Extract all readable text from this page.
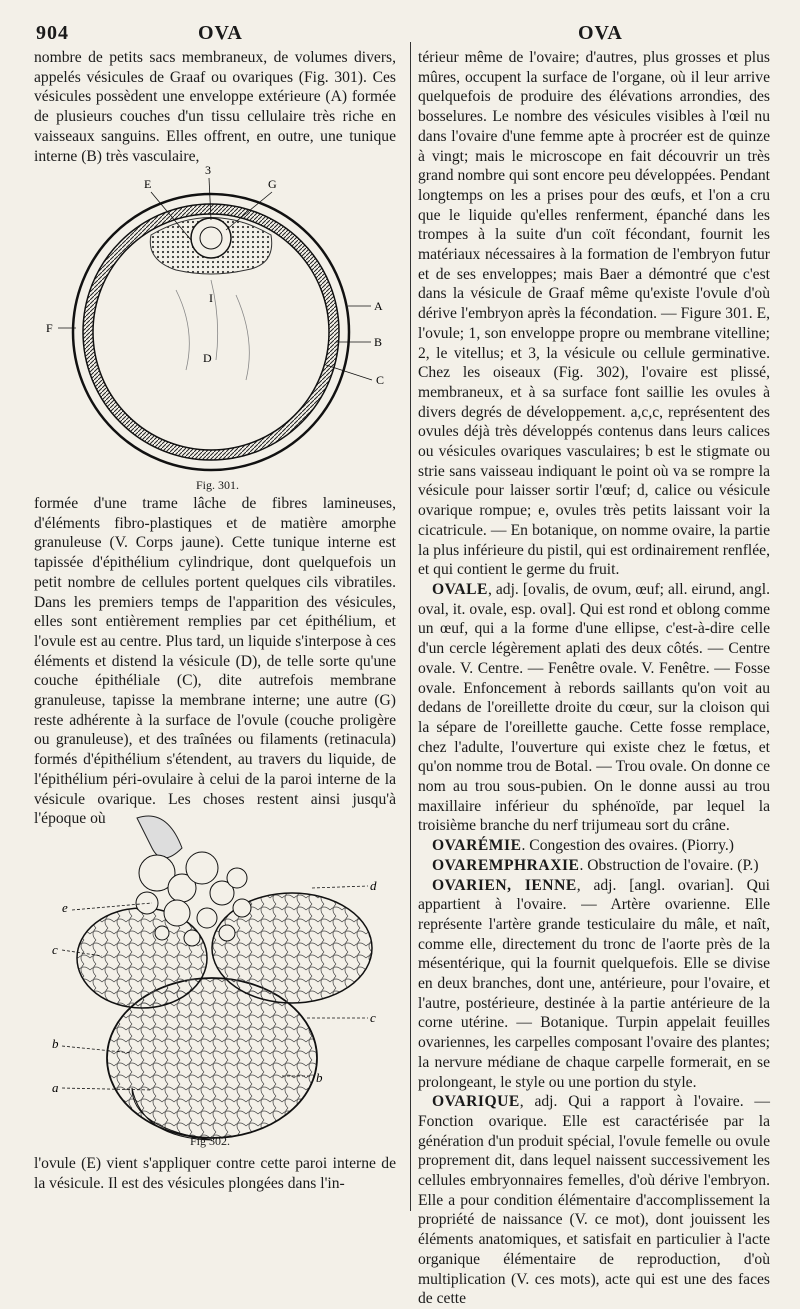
904	OVA	OVA

nombre de petits sacs membraneux, de volumes divers, appelés vésicules de Graaf ou ovariques (Fig. 301). Ces vésicules possèdent une enveloppe extérieure (A) formée de plusieurs couches d'un tissu cellulaire très riche en vaisseaux sanguins. Elles offrent, en outre, une tunique interne (B) très vasculaire,

3
E	G
I
A
F
B
D
C
Fig. 301.

formée d'une trame lâche de fibres lamineuses, d'éléments fibro-plastiques et de matière amorphe granuleuse (V. Corps jaune). Cette tunique interne est tapissée d'épithélium cylindrique, dont quelquefois un petit nombre de cellules portent quelques cils vibratiles. Dans les premiers temps de l'apparition des vésicules, elles sont entièrement remplies par cet épithélium, et l'ovule est au centre. Plus tard, un liquide s'interpose à ces éléments et distend la vésicule (D), de telle sorte qu'une couche épithéliale (C), dite autrefois membrane granuleuse, tapisse la membrane interne; une autre (G) reste adhérente à la surface de l'ovule (couche proligère ou granuleuse), et des traînées ou filaments (retinacula) formés d'épithélium s'étendent, au travers du liquide, de l'épithélium péri-ovulaire à celui de la paroi interne de la vésicule ovarique. Les choses restent ainsi jusqu'à l'époque où

d
e
c
c
b
b
a
Fig 302.

l'ovule (E) vient s'appliquer contre cette paroi interne de la vésicule. Il est des vésicules plongées dans l'in-

térieur même de l'ovaire; d'autres, plus grosses et plus mûres, occupent la surface de l'organe, où il leur arrive quelquefois de produire des élévations arrondies, des bosselures. Le nombre des vésicules visibles à l'œil nu dans l'ovaire d'une femme apte à procréer est de quinze à vingt; mais le microscope en fait découvrir un très grand nombre qui sont encore peu développées. Pendant longtemps on les a prises pour des œufs, et l'on a cru que le liquide qu'elles renferment, épanché dans les trompes à la suite d'un coït fécondant, fournit les matériaux nécessaires à la formation de l'embryon futur et de ses enveloppes; mais Baer a démontré que c'est dans la vésicule de Graaf même qu'existe l'ovule d'où dérive l'embryon après la fécondation. — Figure 301. E, l'ovule; 1, son enveloppe propre ou membrane vitelline; 2, le vitellus; et 3, la vésicule ou cellule germinative. Chez les oiseaux (Fig. 302), l'ovaire est plissé, membraneux, et à sa surface font saillie les ovules à divers degrés de développement. a,c,c, représentent des ovules déjà très développés contenus dans leurs calices ou vésicules ovariques vasculaires; b est le stigmate ou strie sans vaisseau indiquant le point où va se rompre la vésicule pour laisser sortir l'œuf; d, calice ou vésicule ovarique rompue; e, ovules très petits laissant voir la cicatricule. — En botanique, on nomme ovaire, la partie la plus inférieure du pistil, qui est ordinairement renflée, et qui contient le germe du fruit.

OVALE, adj. [ovalis, de ovum, œuf; all. eirund, angl. oval, it. ovale, esp. oval]. Qui est rond et oblong comme un œuf, qui a la forme d'une ellipse, c'est-à-dire celle d'un cercle légèrement aplati des deux côtés. — Centre ovale. V. Centre. — Fenêtre ovale. V. Fenêtre. — Fosse ovale. Enfoncement à rebords saillants qu'on voit au dedans de l'oreillette droite du cœur, sur la cloison qui la sépare de l'oreillette gauche. Cette fosse remplace, chez l'adulte, l'ouverture qui existe chez le fœtus, et qu'on nomme trou de Botal. — Trou ovale. On donne ce nom au trou sous-pubien. On le donne aussi au trou maxillaire inférieur du sphénoïde, par lequel la troisième branche du nerf trijumeau sort du crâne.

OVARÉMIE. Congestion des ovaires. (Piorry.)

OVAREMPHRAXIE. Obstruction de l'ovaire. (P.)

OVARIEN, IENNE, adj. [angl. ovarian]. Qui appartient à l'ovaire. — Artère ovarienne. Elle représente l'artère grande testiculaire du mâle, et naît, comme elle, directement du tronc de l'aorte près de la mésentérique, qui la fournit quelquefois. Elle se divise en deux branches, dont une, antérieure, pour l'ovaire, et l'autre, postérieure, destinée à la partie antérieure de la corne utérine. — Botanique. Turpin appelait feuilles ovariennes, les carpelles composant l'ovaire des plantes; la nervure médiane de chaque carpelle formerait, en se prolongeant, le style ou une portion du style.

OVARIQUE, adj. Qui a rapport à l'ovaire. — Fonction ovarique. Elle est caractérisée par la génération d'un produit spécial, l'ovule femelle ou ovule proprement dit, dans lequel naissent successivement les cellules embryonnaires femelles, d'où dérive l'embryon. Elle a pour condition élémentaire d'accomplissement la propriété de naissance (V. ce mot), dont jouissent les éléments anatomiques, et satisfait en particulier à l'acte organique élémentaire de reproduction, d'où multiplication (V. ces mots), acte qui est une des faces de cette
